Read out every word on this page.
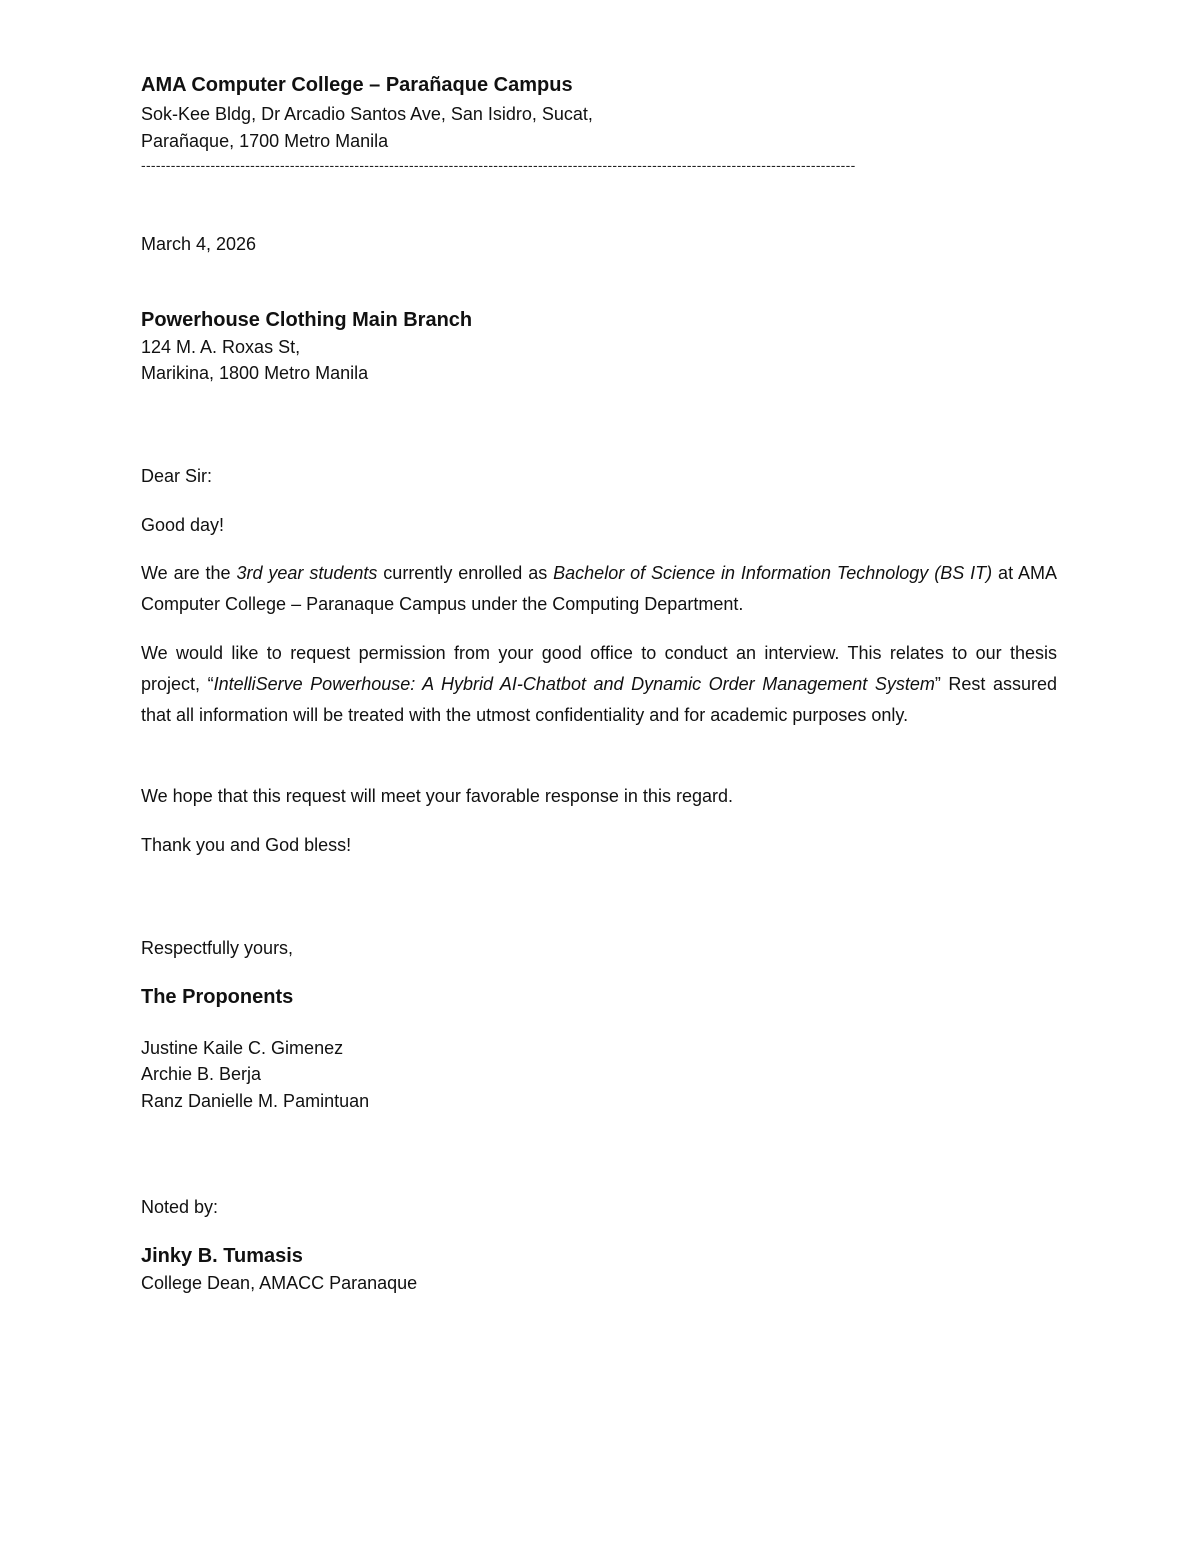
AMA Computer College – Parañaque Campus
Sok-Kee Bldg, Dr Arcadio Santos Ave, San Isidro, Sucat,
Parañaque, 1700 Metro Manila
------------------------------------------------------------------------------------------------------------------------------------------------
March 4, 2026
Powerhouse Clothing Main Branch
124 M. A. Roxas St,
Marikina, 1800 Metro Manila
Dear Sir:
Good day!
We are the 3rd year students currently enrolled as Bachelor of Science in Information Technology (BS IT) at AMA Computer College – Paranaque Campus under the Computing Department.
We would like to request permission from your good office to conduct an interview. This relates to our thesis project, “IntelliServe Powerhouse: A Hybrid AI-Chatbot and Dynamic Order Management System” Rest assured that all information will be treated with the utmost confidentiality and for academic purposes only.
We hope that this request will meet your favorable response in this regard.
Thank you and God bless!
Respectfully yours,
The Proponents
Justine Kaile C. Gimenez
Archie B. Berja
Ranz Danielle M. Pamintuan
Noted by:
Jinky B. Tumasis
College Dean, AMACC Paranaque
